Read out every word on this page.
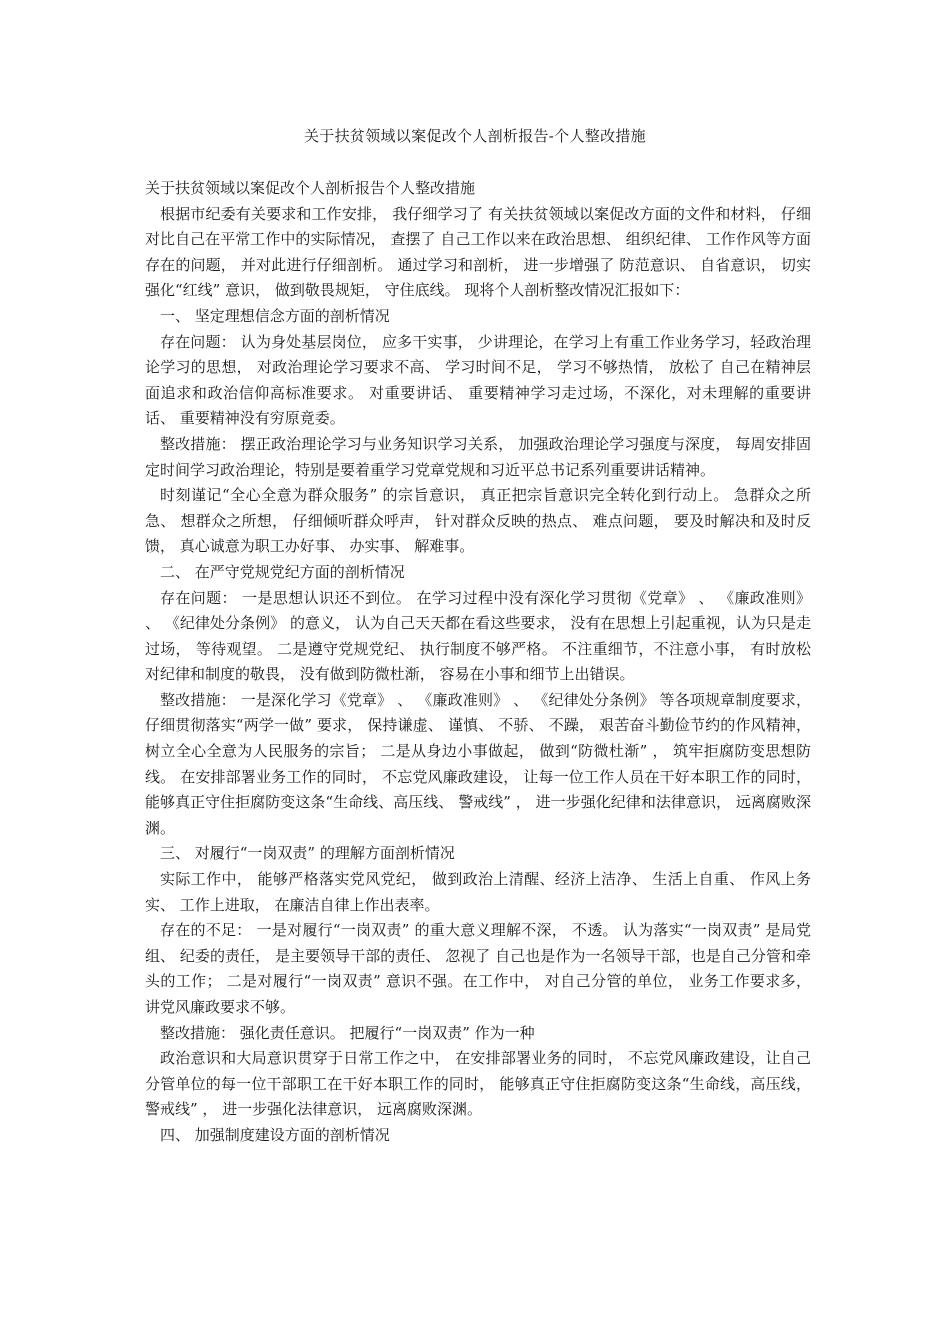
关于扶贫领域以案促改个人剖析报告-个人整改措施

关于扶贫领域以案促改个人剖析报告个人整改措施

根据市纪委有关要求和工作安排， 我仔细学习了 有关扶贫领域以案促改方面的文件和材料， 仔细对比自己在平常工作中的实际情况， 查摆了 自己工作以来在政治思想、 组织纪律、 工作作风等方面存在的问题， 并对此进行仔细剖析。 通过学习和剖析， 进一步增强了 防范意识、 自省意识， 切实强化“红线” 意识， 做到敬畏规矩， 守住底线。 现将个人剖析整改情况汇报如下：

一、 坚定理想信念方面的剖析情况

存在问题： 认为身处基层岗位， 应多干实事， 少讲理论，在学习上有重工作业务学习，轻政治理论学习的思想， 对政治理论学习要求不高、 学习时间不足， 学习不够热情， 放松了 自己在精神层面追求和政治信仰高标准要求。 对重要讲话、 重要精神学习走过场，不深化，对未理解的重要讲话、 重要精神没有穷原竟委。

整改措施： 摆正政治理论学习与业务知识学习关系， 加强政治理论学习强度与深度， 每周安排固定时间学习政治理论，特别是要着重学习党章党规和习近平总书记系列重要讲话精神。

时刻谨记“全心全意为群众服务” 的宗旨意识， 真正把宗旨意识完全转化到行动上。 急群众之所急、 想群众之所想， 仔细倾听群众呼声， 针对群众反映的热点、 难点问题， 要及时解决和及时反馈， 真心诚意为职工办好事、 办实事、 解难事。

二、 在严守党规党纪方面的剖析情况

存在问题： 一是思想认识还不到位。 在学习过程中没有深化学习贯彻《党章》 、 《廉政准则》 、 《纪律处分条例》 的意义， 认为自己天天都在看这些要求， 没有在思想上引起重视，认为只是走过场， 等待观望。 二是遵守党规党纪、 执行制度不够严格。 不注重细节，不注意小事， 有时放松对纪律和制度的敬畏， 没有做到防微杜渐， 容易在小事和细节上出错误。

整改措施： 一是深化学习《党章》 、 《廉政准则》 、 《纪律处分条例》 等各项规章制度要求， 仔细贯彻落实“两学一做” 要求， 保持谦虚、 谨慎、 不骄、 不躁， 艰苦奋斗勤俭节约的作风精神， 树立全心全意为人民服务的宗旨； 二是从身边小事做起， 做到“防微杜渐” ， 筑牢拒腐防变思想防线。 在安排部署业务工作的同时， 不忘党风廉政建设， 让每一位工作人员在干好本职工作的同时， 能够真正守住拒腐防变这条“生命线、高压线、 警戒线” ， 进一步强化纪律和法律意识， 远离腐败深渊。

三、 对履行“一岗双责” 的理解方面剖析情况

实际工作中， 能够严格落实党风党纪， 做到政治上清醒、经济上洁净、 生活上自重、 作风上务实、 工作上进取， 在廉洁自律上作出表率。

存在的不足： 一是对履行“一岗双责” 的重大意义理解不深， 不透。 认为落实“一岗双责” 是局党组、 纪委的责任， 是主要领导干部的责任、 忽视了 自己也是作为一名领导干部，也是自己分管和牵头的工作； 二是对履行“一岗双责” 意识不强。在工作中， 对自己分管的单位， 业务工作要求多， 讲党风廉政要求不够。

整改措施： 强化责任意识。 把履行“一岗双责” 作为一种

政治意识和大局意识贯穿于日常工作之中， 在安排部署业务的同时， 不忘党风廉政建设，让自己分管单位的每一位干部职工在干好本职工作的同时， 能够真正守住拒腐防变这条“生命线，高压线， 警戒线” ， 进一步强化法律意识， 远离腐败深渊。

四、 加强制度建设方面的剖析情况
